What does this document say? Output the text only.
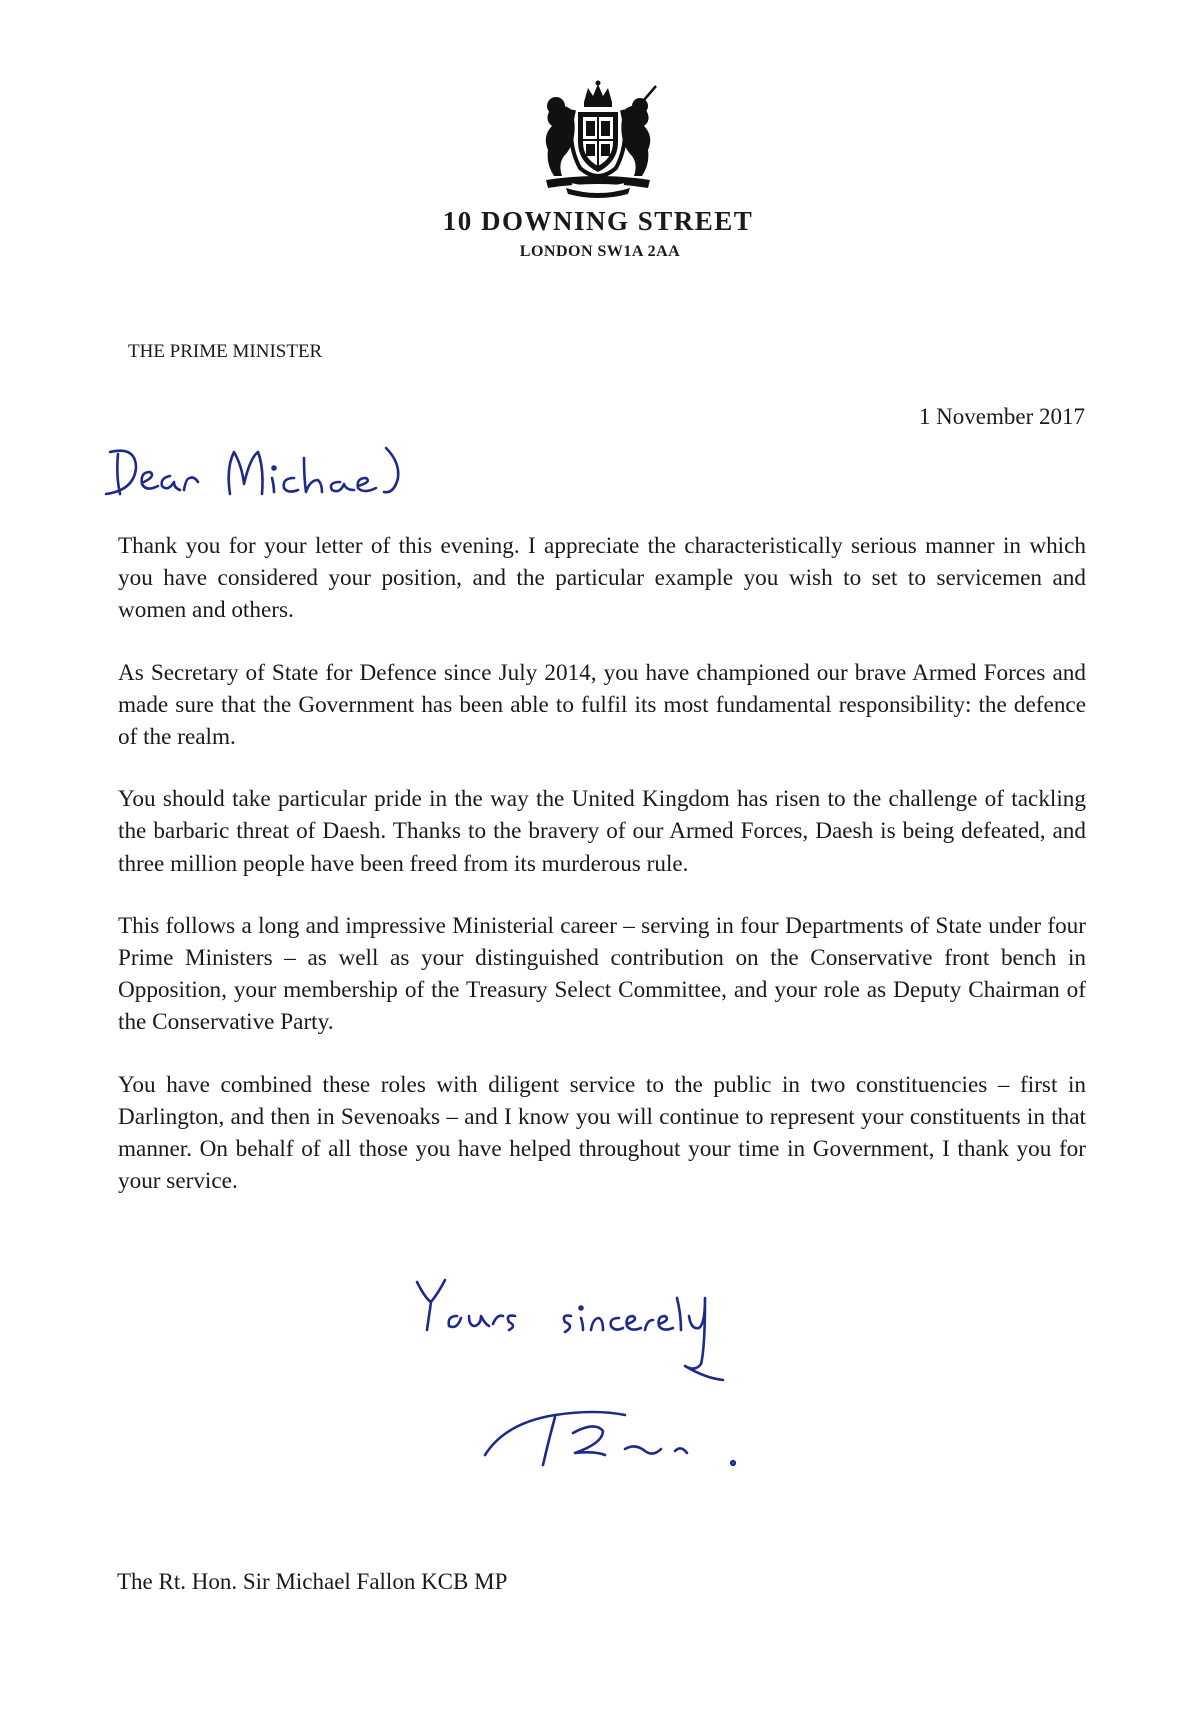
10 DOWNING STREET
LONDON SW1A 2AA
THE PRIME MINISTER
1 November 2017

Thank you for your letter of this evening. I appreciate the characteristically serious manner in which you have considered your position, and the particular example you wish to set to servicemen and women and others.

As Secretary of State for Defence since July 2014, you have championed our brave Armed Forces and made sure that the Government has been able to fulfil its most fundamental responsibility: the defence of the realm.

You should take particular pride in the way the United Kingdom has risen to the challenge of tackling the barbaric threat of Daesh. Thanks to the bravery of our Armed Forces, Daesh is being defeated, and three million people have been freed from its murderous rule.

This follows a long and impressive Ministerial career – serving in four Departments of State under four Prime Ministers – as well as your distinguished contribution on the Conservative front bench in Opposition, your membership of the Treasury Select Committee, and your role as Deputy Chairman of the Conservative Party.

You have combined these roles with diligent service to the public in two constituencies – first in Darlington, and then in Sevenoaks – and I know you will continue to represent your constituents in that manner. On behalf of all those you have helped throughout your time in Government, I thank you for your service.

The Rt. Hon. Sir Michael Fallon KCB MP
